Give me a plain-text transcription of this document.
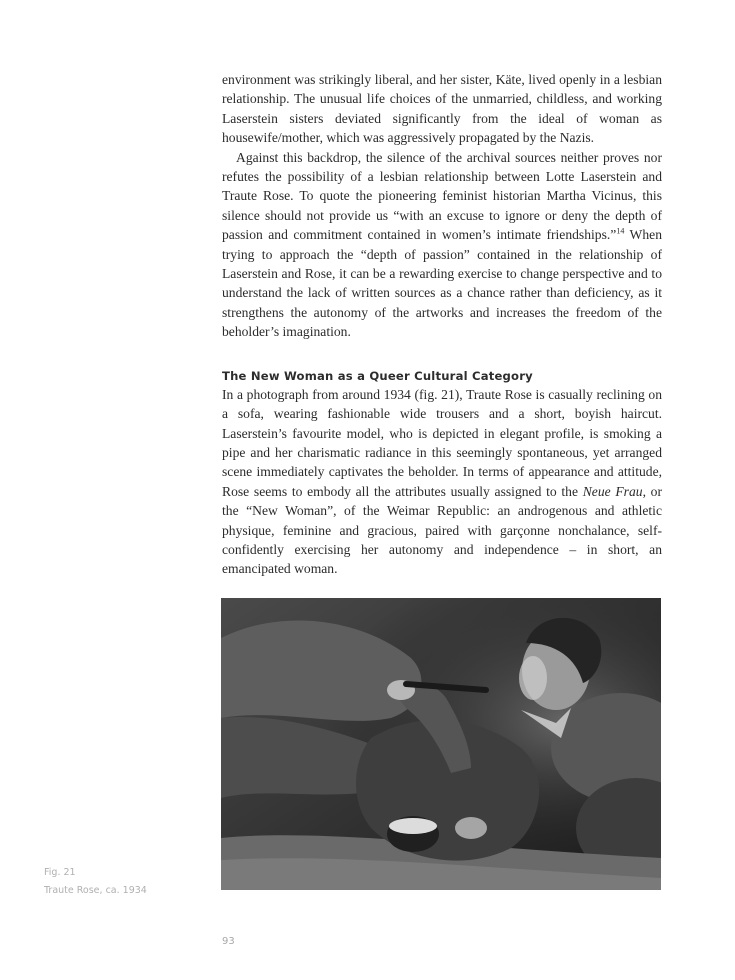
environment was strikingly liberal, and her sister, Käte, lived openly in a lesbian relationship. The unusual life choices of the unmarried, childless, and working Laserstein sisters deviated significantly from the ideal of woman as housewife/mother, which was aggressively propagated by the Nazis.

Against this backdrop, the silence of the archival sources neither proves nor refutes the possibility of a lesbian relationship between Lotte Laserstein and Traute Rose. To quote the pioneering feminist historian Martha Vicinus, this silence should not provide us “with an excuse to ignore or deny the depth of passion and commitment contained in women’s intimate friendships.”$^{14}$ When trying to approach the “depth of passion” contained in the relationship of Laserstein and Rose, it can be a rewarding exercise to change perspective and to understand the lack of written sources as a chance rather than deficiency, as it strengthens the autonomy of the artworks and increases the freedom of the beholder’s imagination.

The New Woman as a Queer Cultural Category

In a photograph from around 1934 (fig. 21), Traute Rose is casually reclining on a sofa, wearing fashionable wide trousers and a short, boyish haircut. Laserstein’s favourite model, who is depicted in elegant profile, is smoking a pipe and her charismatic radiance in this seemingly spontaneous, yet arranged scene immediately captivates the beholder. In terms of appearance and attitude, Rose seems to embody all the attributes usually assigned to the Neue Frau, or the “New Woman”, of the Weimar Republic: an androgenous and athletic physique, feminine and gracious, paired with garçonne nonchalance, self-confidently exercising her autonomy and independence – in short, an emancipated woman.

Fig. 21
Traute Rose, ca. 1934
93
